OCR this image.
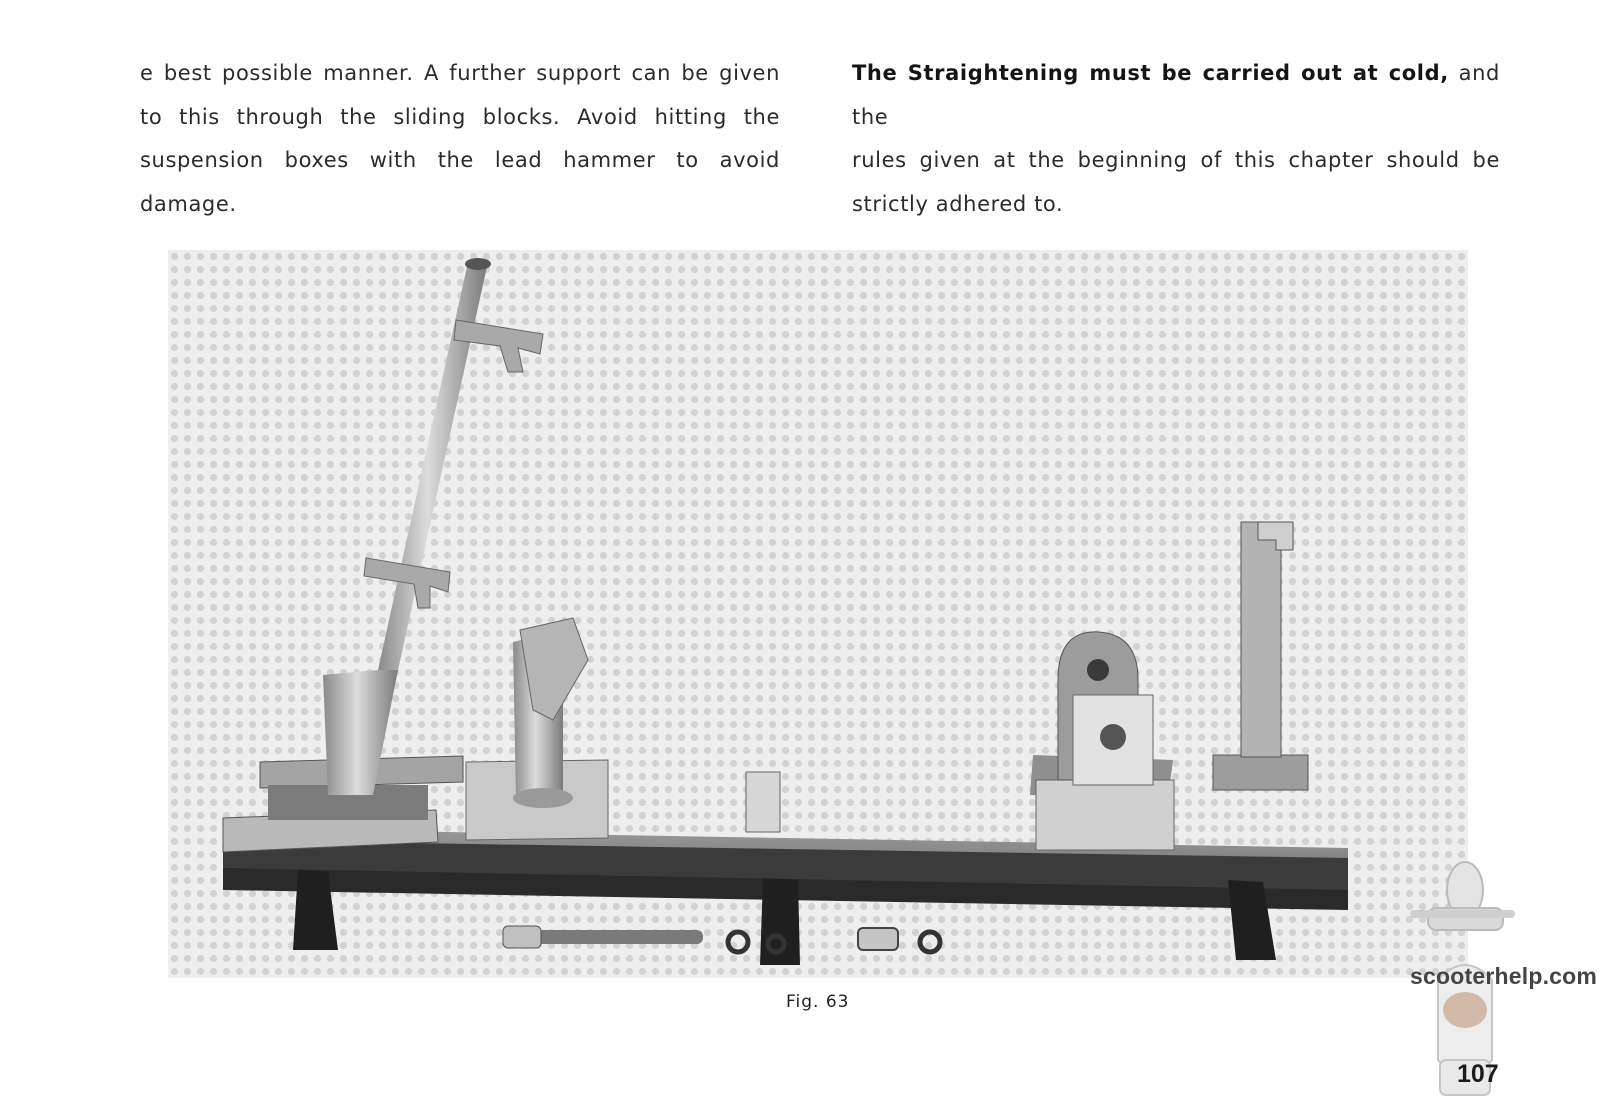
e best possible manner. A further support can be given

to this through the sliding blocks. Avoid hitting the

suspension boxes with the lead hammer to avoid damage.

The Straightening must be carried out at cold, and the

rules given at the beginning of this chapter should be

strictly adhered to.

Fig. 63
scooterhelp.com
107
